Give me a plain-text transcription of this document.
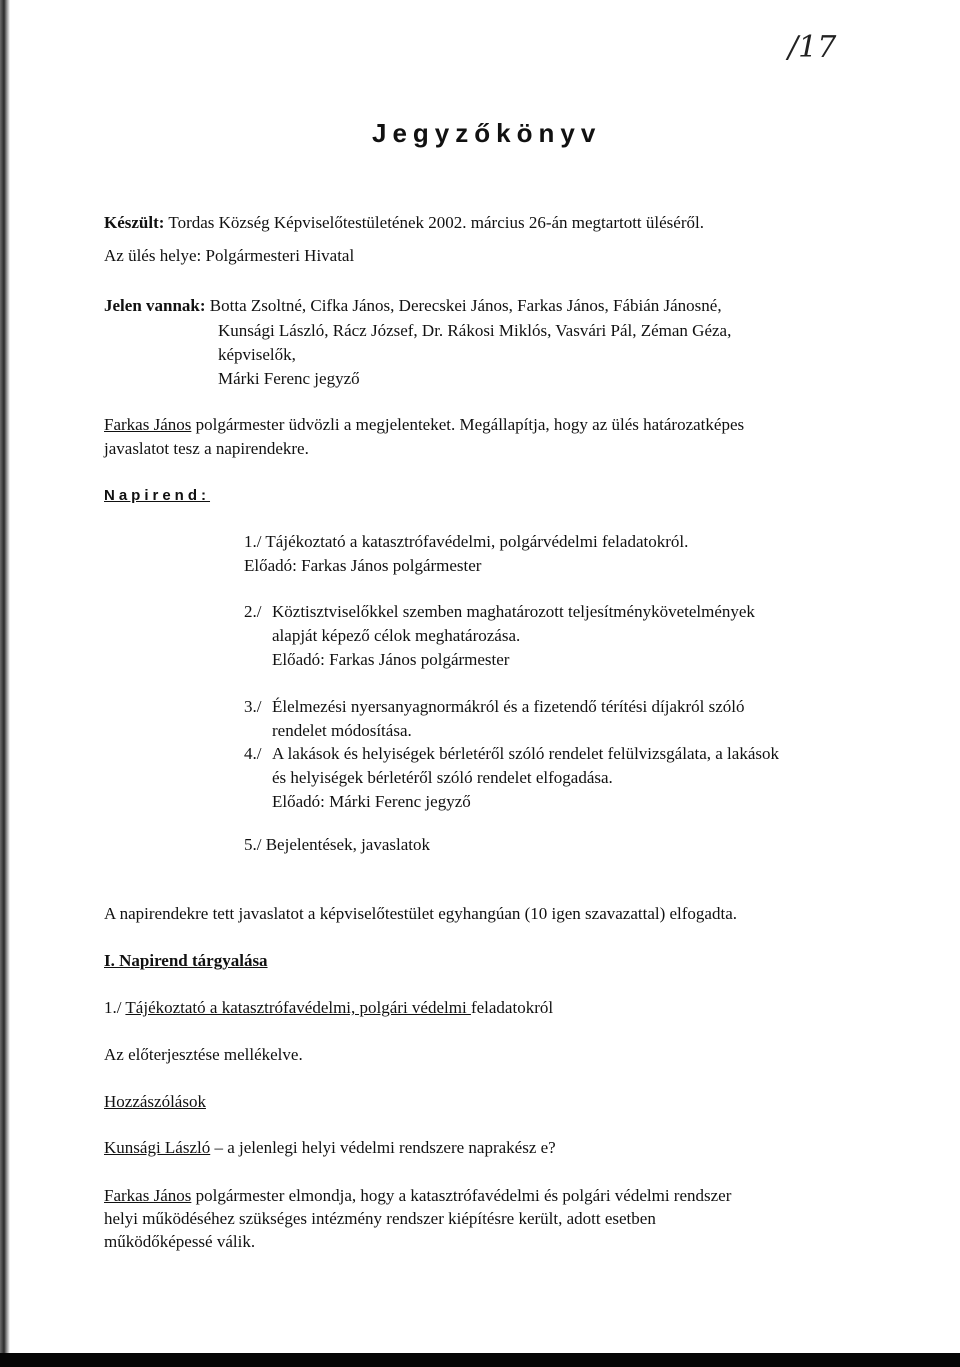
/17
Jegyzőkönyv
Készült: Tordas Község Képviselőtestületének 2002. március 26-án megtartott üléséről.
Az ülés helye: Polgármesteri Hivatal
Jelen vannak: Botta Zsoltné, Cifka János, Derecskei János, Farkas János, Fábián Jánosné,
Kunsági László, Rácz József, Dr. Rákosi Miklós, Vasvári Pál, Zéman Géza,
képviselők,
Márki Ferenc jegyző
Farkas János polgármester üdvözli a megjelenteket. Megállapítja, hogy az ülés határozatképes
javaslatot tesz a napirendekre.
Napirend:
1./ Tájékoztató a katasztrófavédelmi, polgárvédelmi feladatokról.
Előadó: Farkas János polgármester
2./ Köztisztviselőkkel szemben maghatározott teljesítménykövetelmények
alapját képező célok meghatározása.
Előadó: Farkas János polgármester
3./ Élelmezési nyersanyagnormákról és a fizetendő térítési díjakról szóló
rendelet módosítása.
4./ A lakások és helyiségek bérletéről szóló rendelet felülvizsgálata, a lakások
és helyiségek bérletéről szóló rendelet elfogadása.
Előadó: Márki Ferenc jegyző
5./ Bejelentések, javaslatok
A napirendekre tett javaslatot a képviselőtestület egyhangúan (10 igen szavazattal) elfogadta.
I. Napirend tárgyalása
1./ Tájékoztató a katasztrófavédelmi, polgári védelmi feladatokról
Az előterjesztése mellékelve.
Hozzászólások
Kunsági László – a jelenlegi helyi védelmi rendszere naprakész e?
Farkas János polgármester elmondja, hogy a katasztrófavédelmi és polgári védelmi rendszer
helyi működéséhez szükséges intézmény rendszer kiépítésre került, adott esetben
működőképessé válik.
